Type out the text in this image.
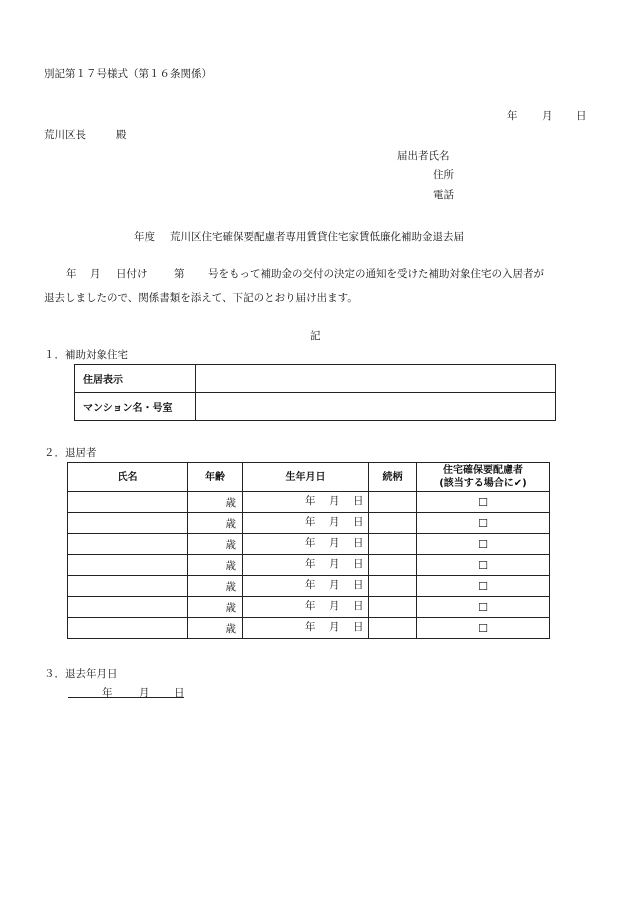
別記第１７号様式（第１６条関係）
年 月 日
荒川区長	殿
届出者氏名
住所
電話
年度 荒川区住宅確保要配慮者専用賃貸住宅家賃低廉化補助金退去届
年 月 日付け	第 号をもって補助金の交付の決定の通知を受けた補助対象住宅の入居者が
退去しましたので、関係書類を添えて、下記のとおり届け出ます。
記
１．補助対象住宅
住居表示	
マンション名・号室	
２．退居者
氏名	年齢	生年月日	続柄	住宅確保要配慮者
(該当する場合に✔)

	歳	年 月 日		☐
	歳	年 月 日		☐
	歳	年 月 日		☐
	歳	年 月 日		☐
	歳	年 月 日		☐
	歳	年 月 日		☐
	歳	年 月 日		☐
３．退去年月日
年	月 日
